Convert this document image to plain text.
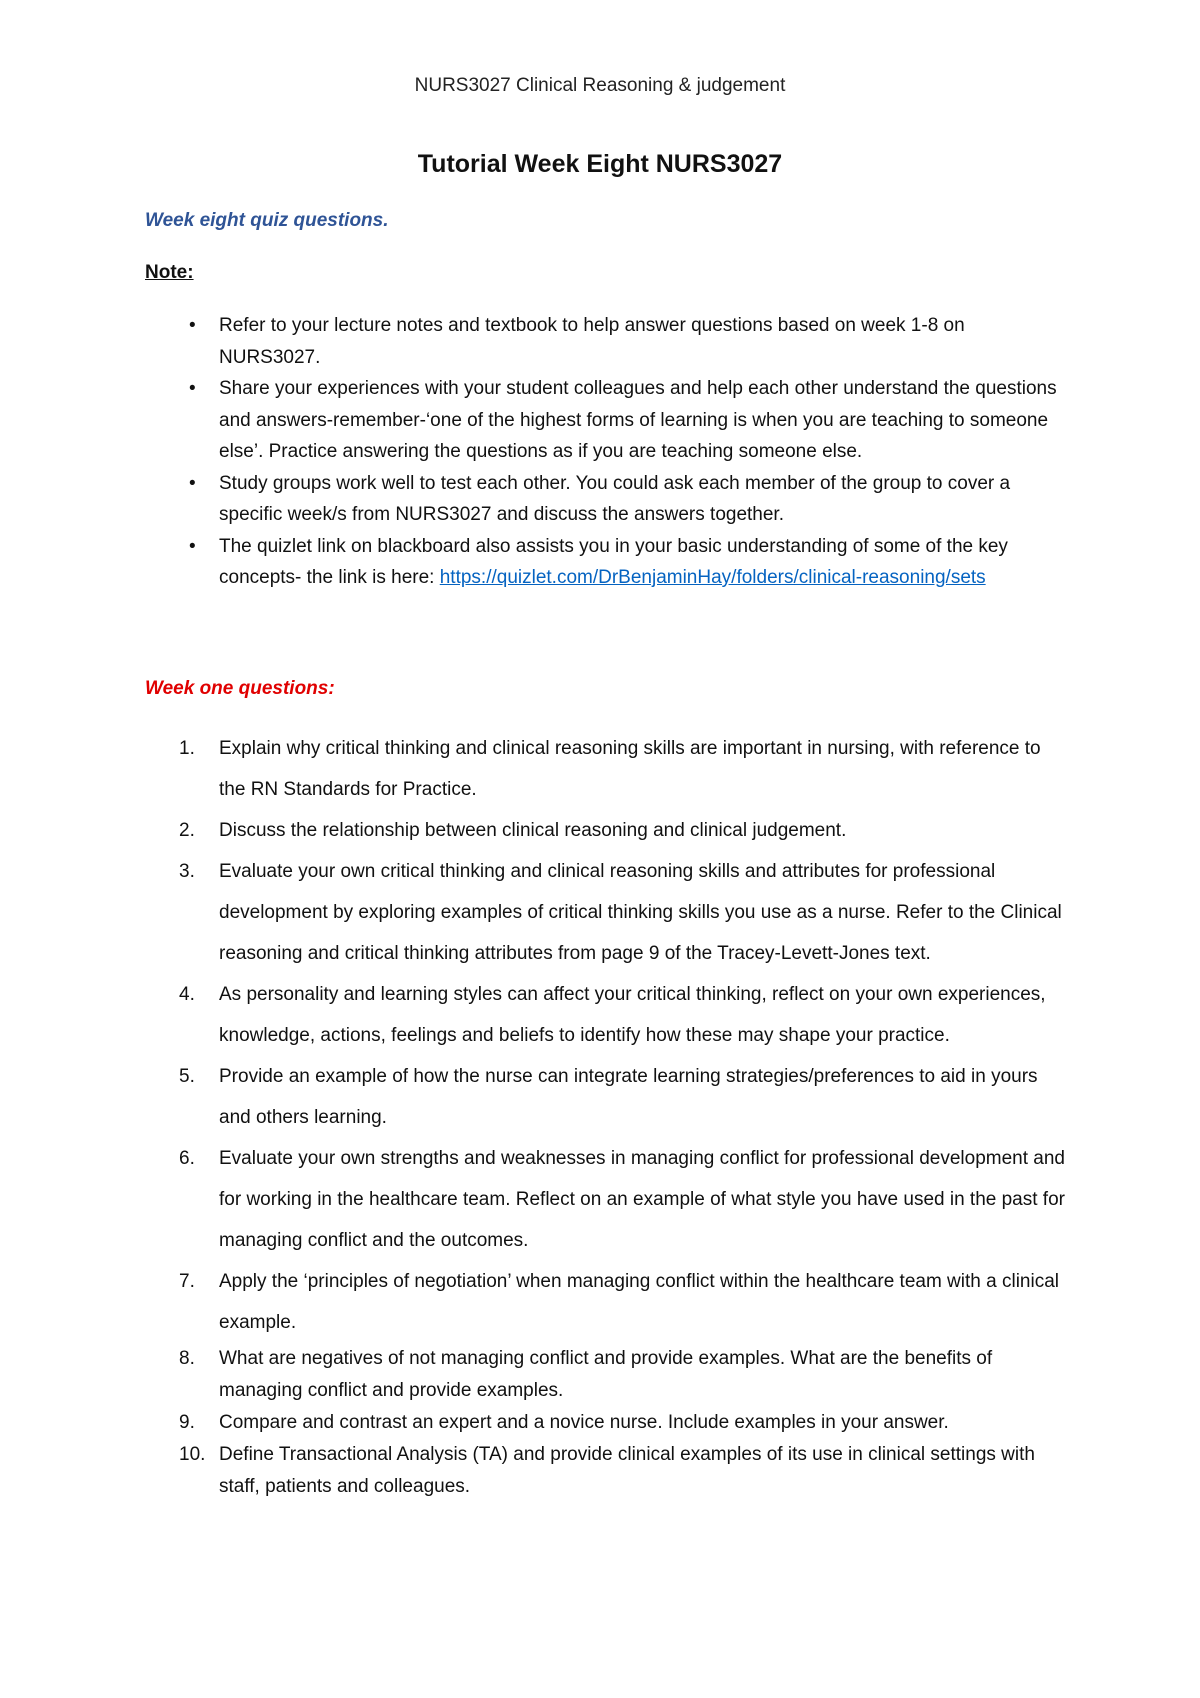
NURS3027 Clinical Reasoning & judgement
Tutorial Week Eight NURS3027
Week eight quiz questions.
Note:
• Refer to your lecture notes and textbook to help answer questions based on week 1-8 on NURS3027.
• Share your experiences with your student colleagues and help each other understand the questions and answers-remember-‘one of the highest forms of learning is when you are teaching to someone else’. Practice answering the questions as if you are teaching someone else.
• Study groups work well to test each other. You could ask each member of the group to cover a specific week/s from NURS3027 and discuss the answers together.
• The quizlet link on blackboard also assists you in your basic understanding of some of the key concepts- the link is here: https://quizlet.com/DrBenjaminHay/folders/clinical-reasoning/sets
Week one questions:
1. Explain why critical thinking and clinical reasoning skills are important in nursing, with reference to the RN Standards for Practice.
2. Discuss the relationship between clinical reasoning and clinical judgement.
3. Evaluate your own critical thinking and clinical reasoning skills and attributes for professional development by exploring examples of critical thinking skills you use as a nurse. Refer to the Clinical reasoning and critical thinking attributes from page 9 of the Tracey-Levett-Jones text.
4. As personality and learning styles can affect your critical thinking, reflect on your own experiences, knowledge, actions, feelings and beliefs to identify how these may shape your practice.
5. Provide an example of how the nurse can integrate learning strategies/preferences to aid in yours and others learning.
6. Evaluate your own strengths and weaknesses in managing conflict for professional development and for working in the healthcare team. Reflect on an example of what style you have used in the past for managing conflict and the outcomes.
7. Apply the ‘principles of negotiation’ when managing conflict within the healthcare team with a clinical example.
8. What are negatives of not managing conflict and provide examples. What are the benefits of managing conflict and provide examples.
9. Compare and contrast an expert and a novice nurse. Include examples in your answer.
10. Define Transactional Analysis (TA) and provide clinical examples of its use in clinical settings with staff, patients and colleagues.
